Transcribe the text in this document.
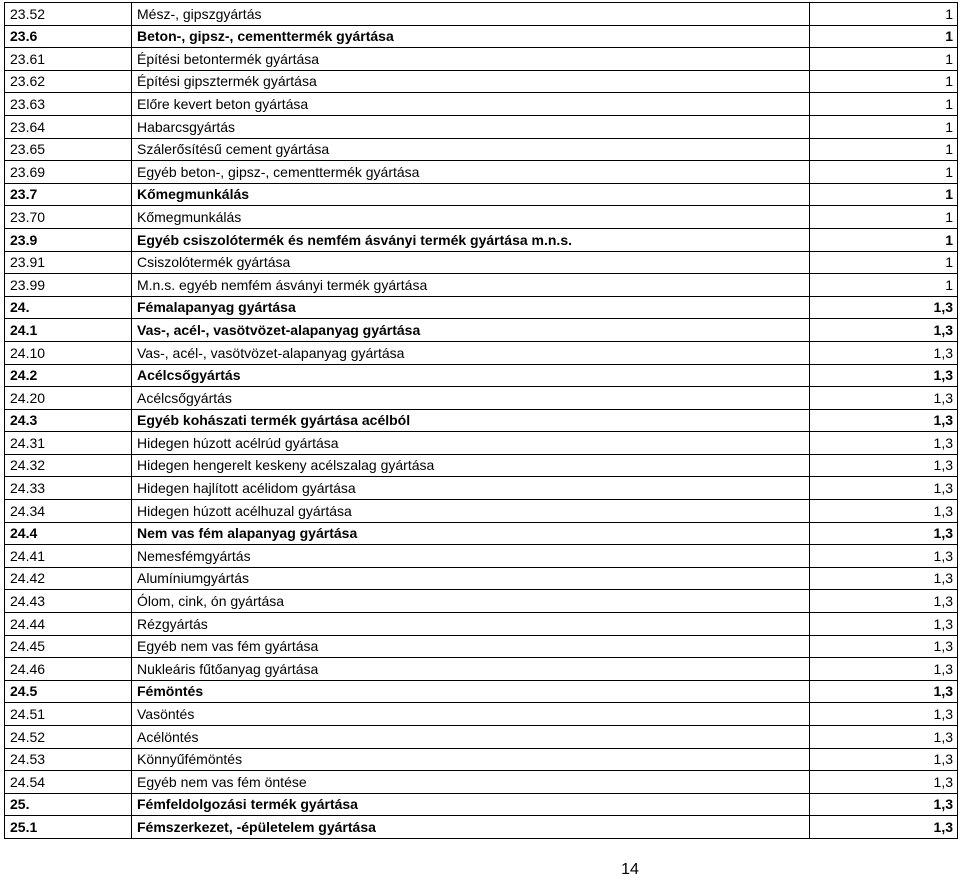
23.52	Mész-, gipszgyártás	1
23.6	Beton-, gipsz-, cementtermék gyártása	1
23.61	Építési betontermék gyártása	1
23.62	Építési gipsztermék gyártása	1
23.63	Előre kevert beton gyártása	1
23.64	Habarcsgyártás	1
23.65	Szálerősítésű cement gyártása	1
23.69	Egyéb beton-, gipsz-, cementtermék gyártása	1
23.7	Kőmegmunkálás	1
23.70	Kőmegmunkálás	1
23.9	Egyéb csiszolótermék és nemfém ásványi termék gyártása m.n.s.	1
23.91	Csiszolótermék gyártása	1
23.99	M.n.s. egyéb nemfém ásványi termék gyártása	1
24.	Fémalapanyag gyártása	1,3
24.1	Vas-, acél-, vasötvözet-alapanyag gyártása	1,3
24.10	Vas-, acél-, vasötvözet-alapanyag gyártása	1,3
24.2	Acélcsőgyártás	1,3
24.20	Acélcsőgyártás	1,3
24.3	Egyéb kohászati termék gyártása acélból	1,3
24.31	Hidegen húzott acélrúd gyártása	1,3
24.32	Hidegen hengerelt keskeny acélszalag gyártása	1,3
24.33	Hidegen hajlított acélidom gyártása	1,3
24.34	Hidegen húzott acélhuzal gyártása	1,3
24.4	Nem vas fém alapanyag gyártása	1,3
24.41	Nemesfémgyártás	1,3
24.42	Alumíniumgyártás	1,3
24.43	Ólom, cink, ón gyártása	1,3
24.44	Rézgyártás	1,3
24.45	Egyéb nem vas fém gyártása	1,3
24.46	Nukleáris fűtőanyag gyártása	1,3
24.5	Fémöntés	1,3
24.51	Vasöntés	1,3
24.52	Acélöntés	1,3
24.53	Könnyűfémöntés	1,3
24.54	Egyéb nem vas fém öntése	1,3
25.	Fémfeldolgozási termék gyártása	1,3
25.1	Fémszerkezet, -épületelem gyártása	1,3
14
